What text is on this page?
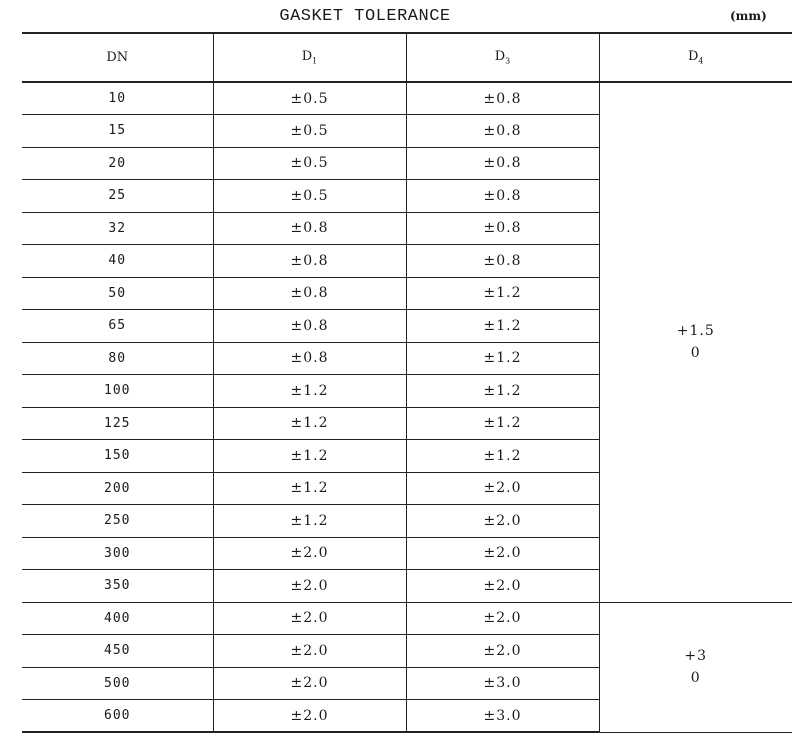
GASKET TOLERANCE	(mm)
DN	$D_1$	$D_3$	$D_4$
10	±0.5	±0.8	+1.5
0

15	±0.5	±0.8	
20	±0.5	±0.8	
25	±0.5	±0.8	
32	±0.8	±0.8	
40	±0.8	±0.8	
50	±0.8	±1.2	
65	±0.8	±1.2	
80	±0.8	±1.2	
100	±1.2	±1.2	
125	±1.2	±1.2	
150	±1.2	±1.2	
200	±1.2	±2.0	
250	±1.2	±2.0	
300	±2.0	±2.0	
350	±2.0	±2.0	
400	±2.0	±2.0	+3
0

450	±2.0	±2.0	
500	±2.0	±3.0	
600	±2.0	±3.0	
